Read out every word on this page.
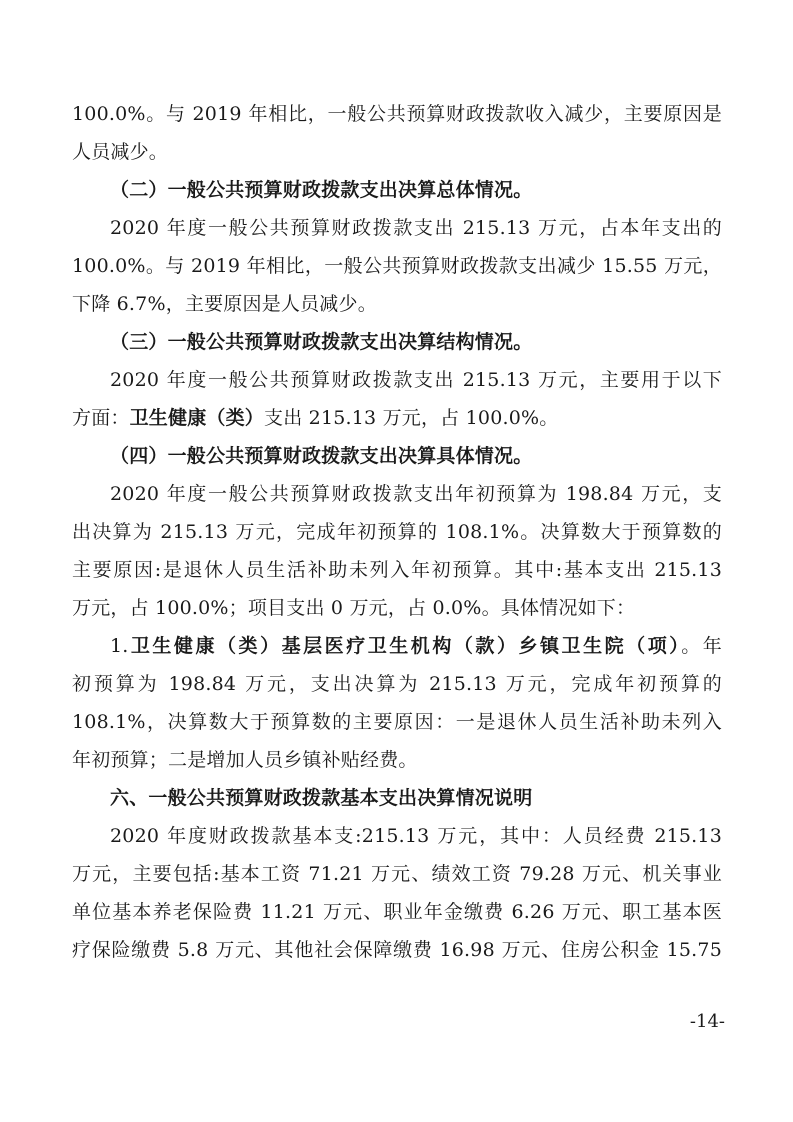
100.0%。与 2019 年相比，一般公共预算财政拨款收入减少，主要原因是
人员减少。
（二）一般公共预算财政拨款支出决算总体情况。
2020 年度一般公共预算财政拨款支出 215.13 万元，占本年支出的
100.0%。与 2019 年相比，一般公共预算财政拨款支出减少 15.55 万元，
下降 6.7%，主要原因是人员减少。
（三）一般公共预算财政拨款支出决算结构情况。
2020 年度一般公共预算财政拨款支出 215.13 万元，主要用于以下
方面：卫生健康（类）支出 215.13 万元，占 100.0%。
（四）一般公共预算财政拨款支出决算具体情况。
2020 年度一般公共预算财政拨款支出年初预算为 198.84 万元，支
出决算为 215.13 万元，完成年初预算的 108.1%。决算数大于预算数的
主要原因:是退休人员生活补助未列入年初预算。其中:基本支出 215.13
万元，占 100.0%；项目支出 0 万元，占 0.0%。具体情况如下：
1.卫生健康（类）基层医疗卫生机构（款）乡镇卫生院（项）。年
初预算为 198.84 万元，支出决算为 215.13 万元，完成年初预算的
108.1%，决算数大于预算数的主要原因：一是退休人员生活补助未列入
年初预算；二是增加人员乡镇补贴经费。
六、一般公共预算财政拨款基本支出决算情况说明
2020 年度财政拨款基本支:215.13 万元，其中：人员经费 215.13
万元，主要包括:基本工资 71.21 万元、绩效工资 79.28 万元、机关事业
单位基本养老保险费 11.21 万元、职业年金缴费 6.26 万元、职工基本医
疗保险缴费 5.8 万元、其他社会保障缴费 16.98 万元、住房公积金 15.75
-14-
